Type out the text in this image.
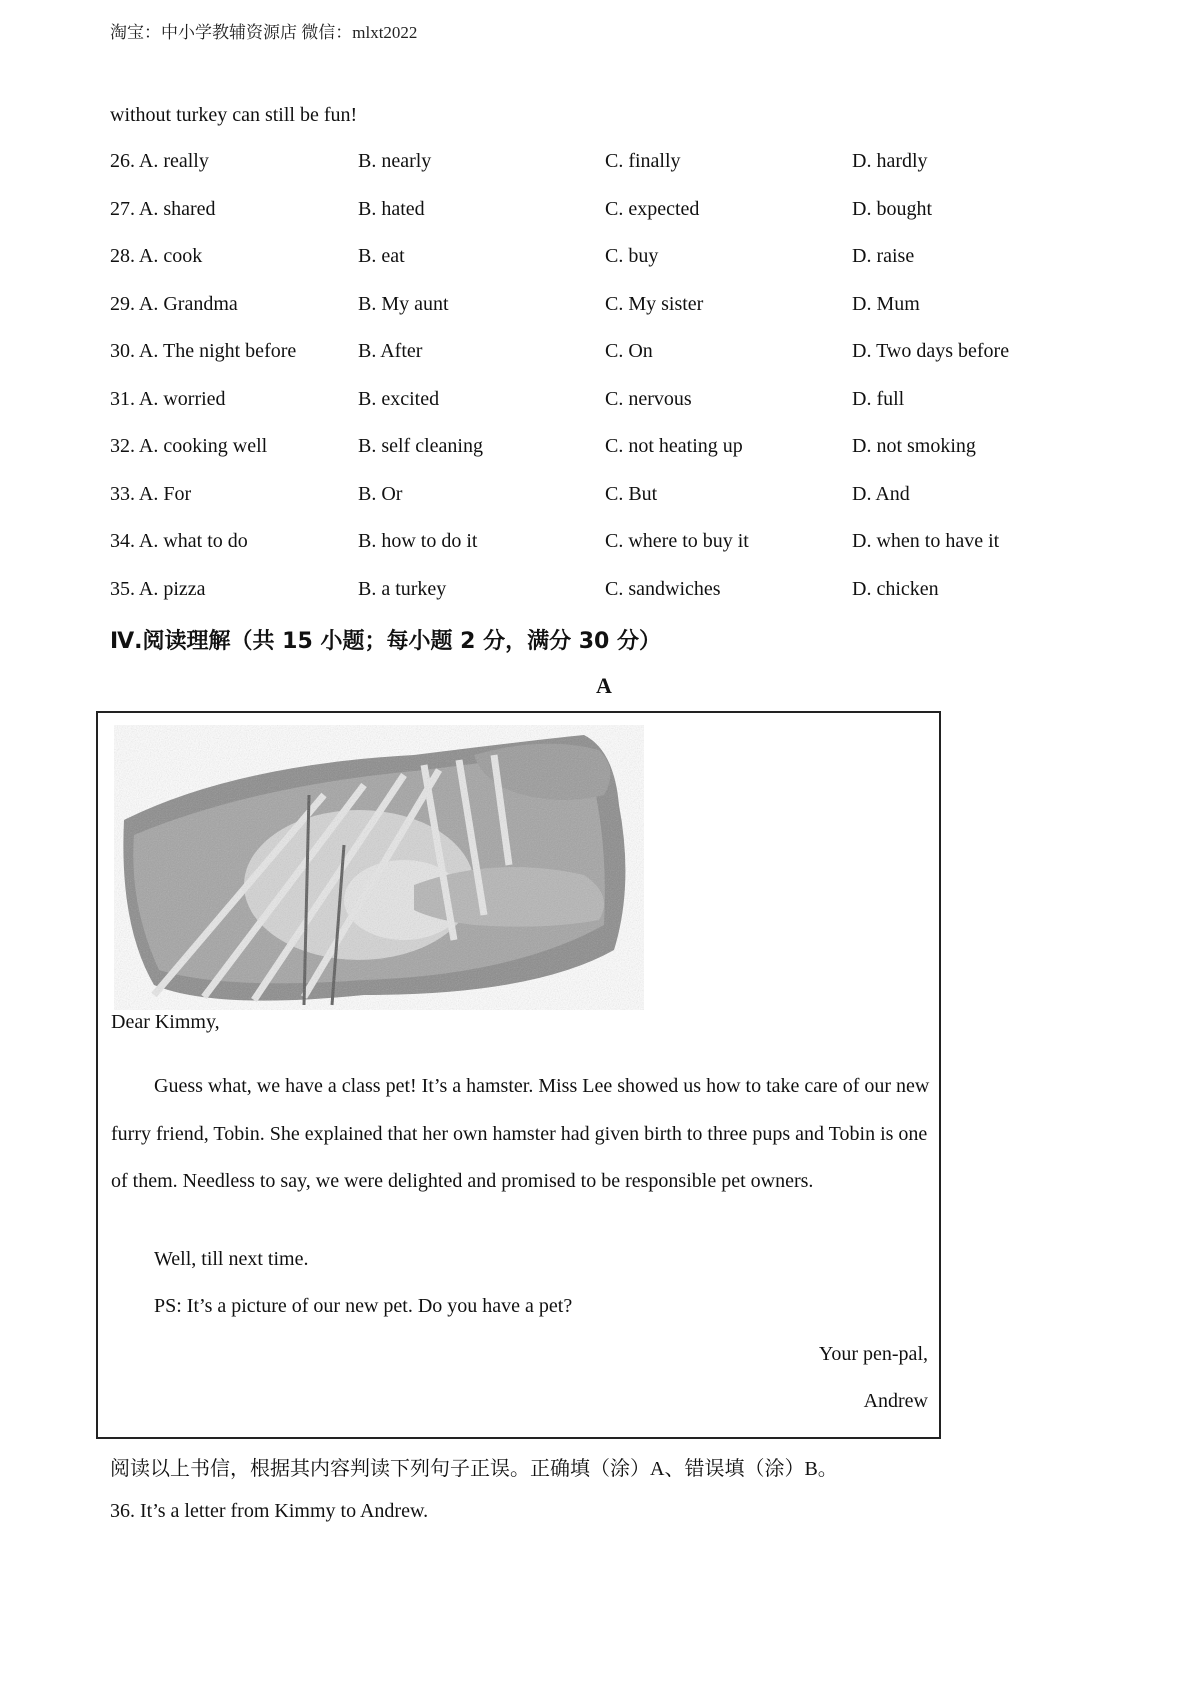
淘宝：中小学教辅资源店 微信：mlxt2022
without turkey can still be fun!
26. A. really	B. nearly	C. finally	D. hardly
27. A. shared	B. hated	C. expected	D. bought
28. A. cook	B. eat	C. buy	D. raise
29. A. Grandma	B. My aunt	C. My sister	D. Mum
30. A. The night before	B. After	C. On	D. Two days before
31. A. worried	B. excited	C. nervous	D. full
32. A. cooking well	B. self cleaning	C. not heating up	D. not smoking
33. A. For	B. Or	C. But	D. And
34. A. what to do	B. how to do it	C. where to buy it	D. when to have it
35. A. pizza	B. a turkey	C. sandwiches	D. chicken
Ⅳ.阅读理解（共 15 小题；每小题 2 分，满分 30 分）
A
Dear Kimmy,
Guess what, we have a class pet! It’s a hamster. Miss Lee showed us how to take care of our new furry friend, Tobin. She explained that her own hamster had given birth to three pups and Tobin is one of them. Needless to say, we were delighted and promised to be responsible pet owners.
Well, till next time.
PS: It’s a picture of our new pet. Do you have a pet?
Your pen-pal,
Andrew
阅读以上书信，根据其内容判读下列句子正误。正确填（涂）A、错误填（涂）B。
36. It’s a letter from Kimmy to Andrew.
